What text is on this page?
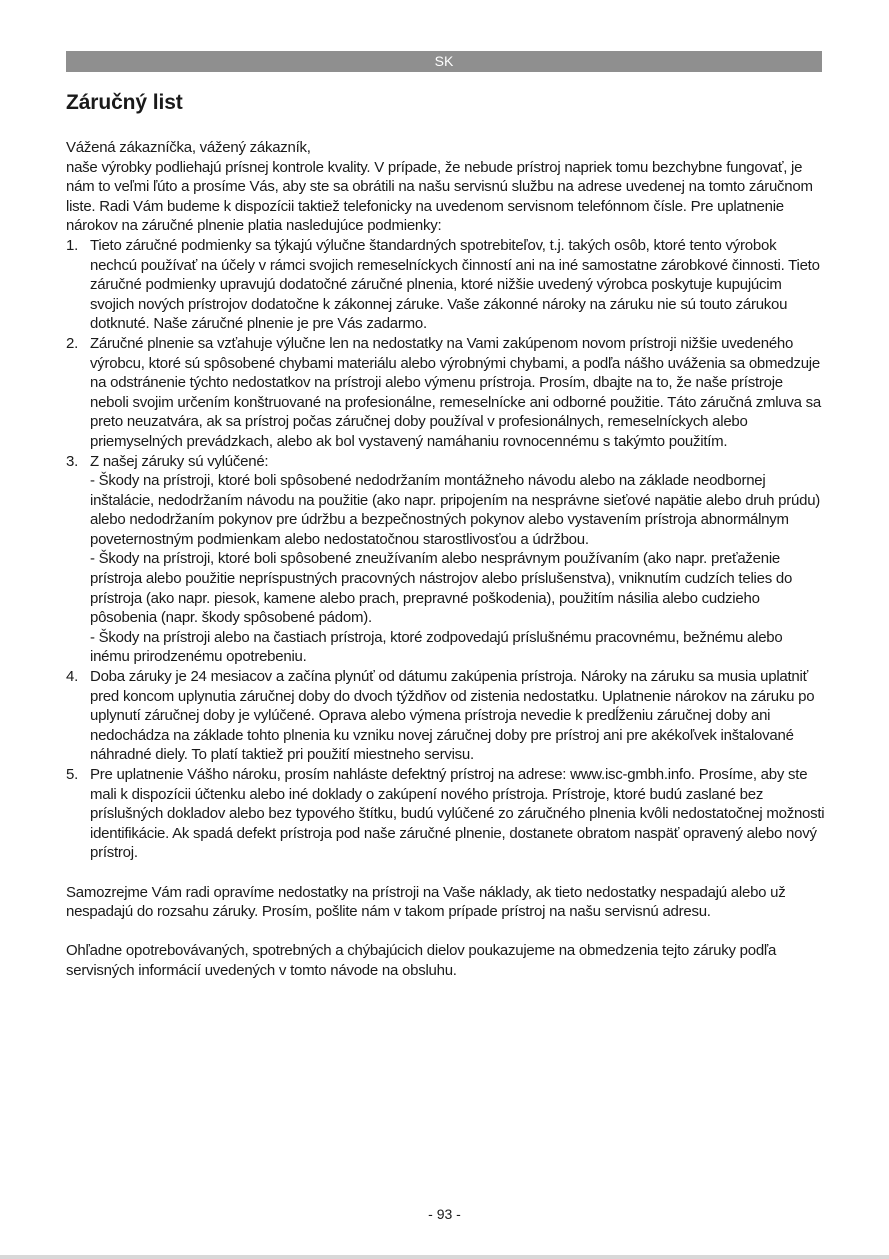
SK
Záručný list

Vážená zákazníčka, vážený zákazník,

naše výrobky podliehajú prísnej kontrole kvality. V prípade, že nebude prístroj napriek tomu bezchybne fungovať, je nám to veľmi ľúto a prosíme Vás, aby ste sa obrátili na našu servisnú službu na adrese uvedenej na tomto záručnom liste. Radi Vám budeme k dispozícii taktiež telefonicky na uvedenom servisnom telefónnom čísle. Pre uplatnenie nárokov na záručné plnenie platia nasledujúce podmienky:

1. Tieto záručné podmienky sa týkajú výlučne štandardných spotrebiteľov, t.j. takých osôb, ktoré tento výrobok nechcú používať na účely v rámci svojich remeselníckych činností ani na iné samostatne zárobkové činnosti. Tieto záručné podmienky upravujú dodatočné záručné plnenia, ktoré nižšie uvedený výrobca poskytuje kupujúcim svojich nových prístrojov dodatočne k zákonnej záruke. Vaše zákonné nároky na záruku nie sú touto zárukou dotknuté. Naše záručné plnenie je pre Vás zadarmo.
2. Záručné plnenie sa vzťahuje výlučne len na nedostatky na Vami zakúpenom novom prístroji nižšie uvedeného výrobcu, ktoré sú spôsobené chybami materiálu alebo výrobnými chybami, a podľa nášho uváženia sa obmedzuje na odstránenie týchto nedostatkov na prístroji alebo výmenu prístroja. Prosím, dbajte na to, že naše prístroje neboli svojim určením konštruované na profesionálne, remeselnícke ani odborné použitie. Táto záručná zmluva sa preto neuzatvára, ak sa prístroj počas záručnej doby používal v profesionálnych, remeselníckych alebo priemyselných prevádzkach, alebo ak bol vystavený namáhaniu rovnocennému s takýmto použitím.
3. Z našej záruky sú vylúčené:
- Škody na prístroji, ktoré boli spôsobené nedodržaním montážneho návodu alebo na základe neodbornej inštalácie, nedodržaním návodu na použitie (ako napr. pripojením na nesprávne sieťové napätie alebo druh prúdu) alebo nedodržaním pokynov pre údržbu a bezpečnostných pokynov alebo vystavením prístroja abnormálnym poveternostným podmienkam alebo nedostatočnou starostlivosťou a údržbou.
- Škody na prístroji, ktoré boli spôsobené zneužívaním alebo nesprávnym používaním (ako napr. preťaženie prístroja alebo použitie nepríspustných pracovných nástrojov alebo príslušenstva), vniknutím cudzích telies do prístroja (ako napr. piesok, kamene alebo prach, prepravné poškodenia), použitím násilia alebo cudzieho pôsobenia (napr. škody spôsobené pádom).
- Škody na prístroji alebo na častiach prístroja, ktoré zodpovedajú príslušnému pracovnému, bežnému alebo inému prirodzenému opotrebeniu.
4. Doba záruky je 24 mesiacov a začína plynúť od dátumu zakúpenia prístroja. Nároky na záruku sa musia uplatniť pred koncom uplynutia záručnej doby do dvoch týždňov od zistenia nedostatku. Uplatnenie nárokov na záruku po uplynutí záručnej doby je vylúčené. Oprava alebo výmena prístroja nevedie k predĺženiu záručnej doby ani nedochádza na základe tohto plnenia ku vzniku novej záručnej doby pre prístroj ani pre akékoľvek inštalované náhradné diely. To platí taktiež pri použití miestneho servisu.
5. Pre uplatnenie Vášho nároku, prosím nahláste defektný prístroj na adrese: www.isc-gmbh.info. Prosíme, aby ste mali k dispozícii účtenku alebo iné doklady o zakúpení nového prístroja. Prístroje, ktoré budú zaslané bez príslušných dokladov alebo bez typového štítku, budú vylúčené zo záručného plnenia kvôli nedostatočnej možnosti identifikácie. Ak spadá defekt prístroja pod naše záručné plnenie, dostanete obratom naspäť opravený alebo nový prístroj.

Samozrejme Vám radi opravíme nedostatky na prístroji na Vaše náklady, ak tieto nedostatky nespadajú alebo už nespadajú do rozsahu záruky. Prosím, pošlite nám v takom prípade prístroj na našu servisnú adresu.

Ohľadne opotrebovávaných, spotrebných a chýbajúcich dielov poukazujeme na obmedzenia tejto záruky podľa servisných informácií uvedených v tomto návode na obsluhu.

- 93 -
